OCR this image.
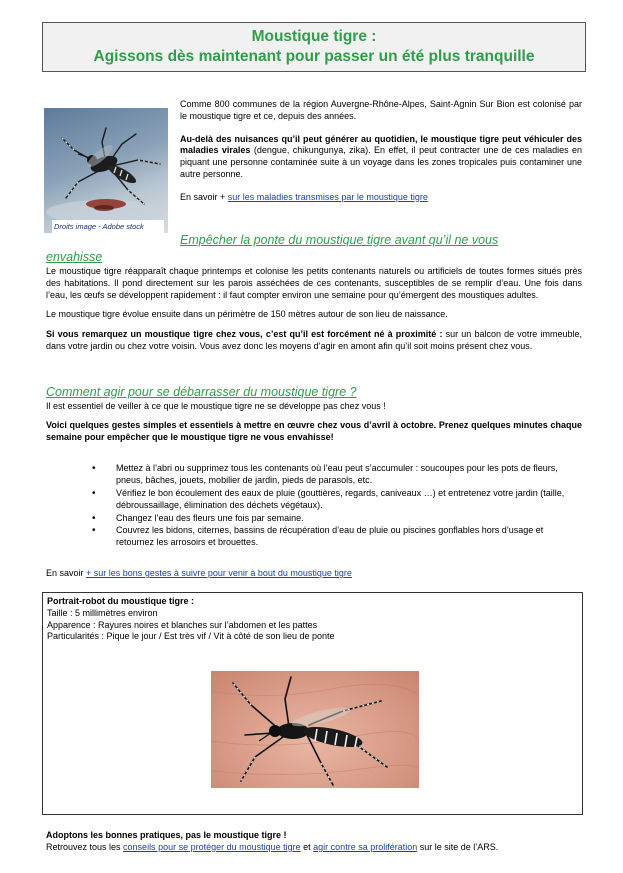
Moustique tigre :
Agissons dès maintenant pour passer un été plus tranquille
Droits image - Adobe stock

Comme 800 communes de la région Auvergne-Rhône-Alpes, Saint-Agnin Sur Bion est colonisé par le moustique tigre et ce, depuis des années.

Au-delà des nuisances qu’il peut générer au quotidien, le moustique tigre peut véhiculer des maladies virales (dengue, chikungunya, zika). En effet, il peut contracter une de ces maladies en piquant une personne contaminée suite à un voyage dans les zones tropicales puis contaminer une autre personne.

En savoir + sur les maladies transmises par le moustique tigre

Empêcher la ponte du moustique tigre avant qu’il ne vous
envahisse

Le moustique tigre réapparaît chaque printemps et colonise les petits contenants naturels ou artificiels de toutes formes situés près des habitations. Il pond directement sur les parois asséchées de ces contenants, susceptibles de se remplir d’eau. Une fois dans l’eau, les œufs se développent rapidement : il faut compter environ une semaine pour qu’émergent des moustiques adultes.

Le moustique tigre évolue ensuite dans un périmètre de 150 mètres autour de son lieu de naissance.

Si vous remarquez un moustique tigre chez vous, c’est qu’il est forcément né à proximité : sur un balcon de votre immeuble, dans votre jardin ou chez votre voisin. Vous avez donc les moyens d’agir en amont afin qu’il soit moins présent chez vous.

Comment agir pour se débarrasser du moustique tigre ?

Il est essentiel de veiller à ce que le moustique tigre ne se développe pas chez vous !

Voici quelques gestes simples et essentiels à mettre en œuvre chez vous d’avril à octobre. Prenez quelques minutes chaque semaine pour empêcher que le moustique tigre ne vous envahisse!

• Mettez à l’abri ou supprimez tous les contenants où l’eau peut s’accumuler : soucoupes pour les pots de fleurs, pneus, bâches, jouets, mobilier de jardin, pieds de parasols, etc.
• Vérifiez le bon écoulement des eaux de pluie (gouttières, regards, caniveaux …) et entretenez votre jardin (taille, débroussaillage, élimination des déchets végétaux).
• Changez l’eau des fleurs une fois par semaine.
• Couvrez les bidons, citernes, bassins de récupération d’eau de pluie ou piscines gonflables hors d’usage et retournez les arrosoirs et brouettes.
En savoir + sur les bons gestes à suivre pour venir à bout du moustique tigre
Portrait-robot du moustique tigre :
Taille : 5 millimètres environ
Apparence : Rayures noires et blanches sur l’abdomen et les pattes
Particularités : Pique le jour / Est très vif / Vit à côté de son lieu de ponte
Adoptons les bonnes pratiques, pas le moustique tigre !
Retrouvez tous les conseils pour se protéger du moustique tigre et agir contre sa prolifération sur le site de l’ARS.
